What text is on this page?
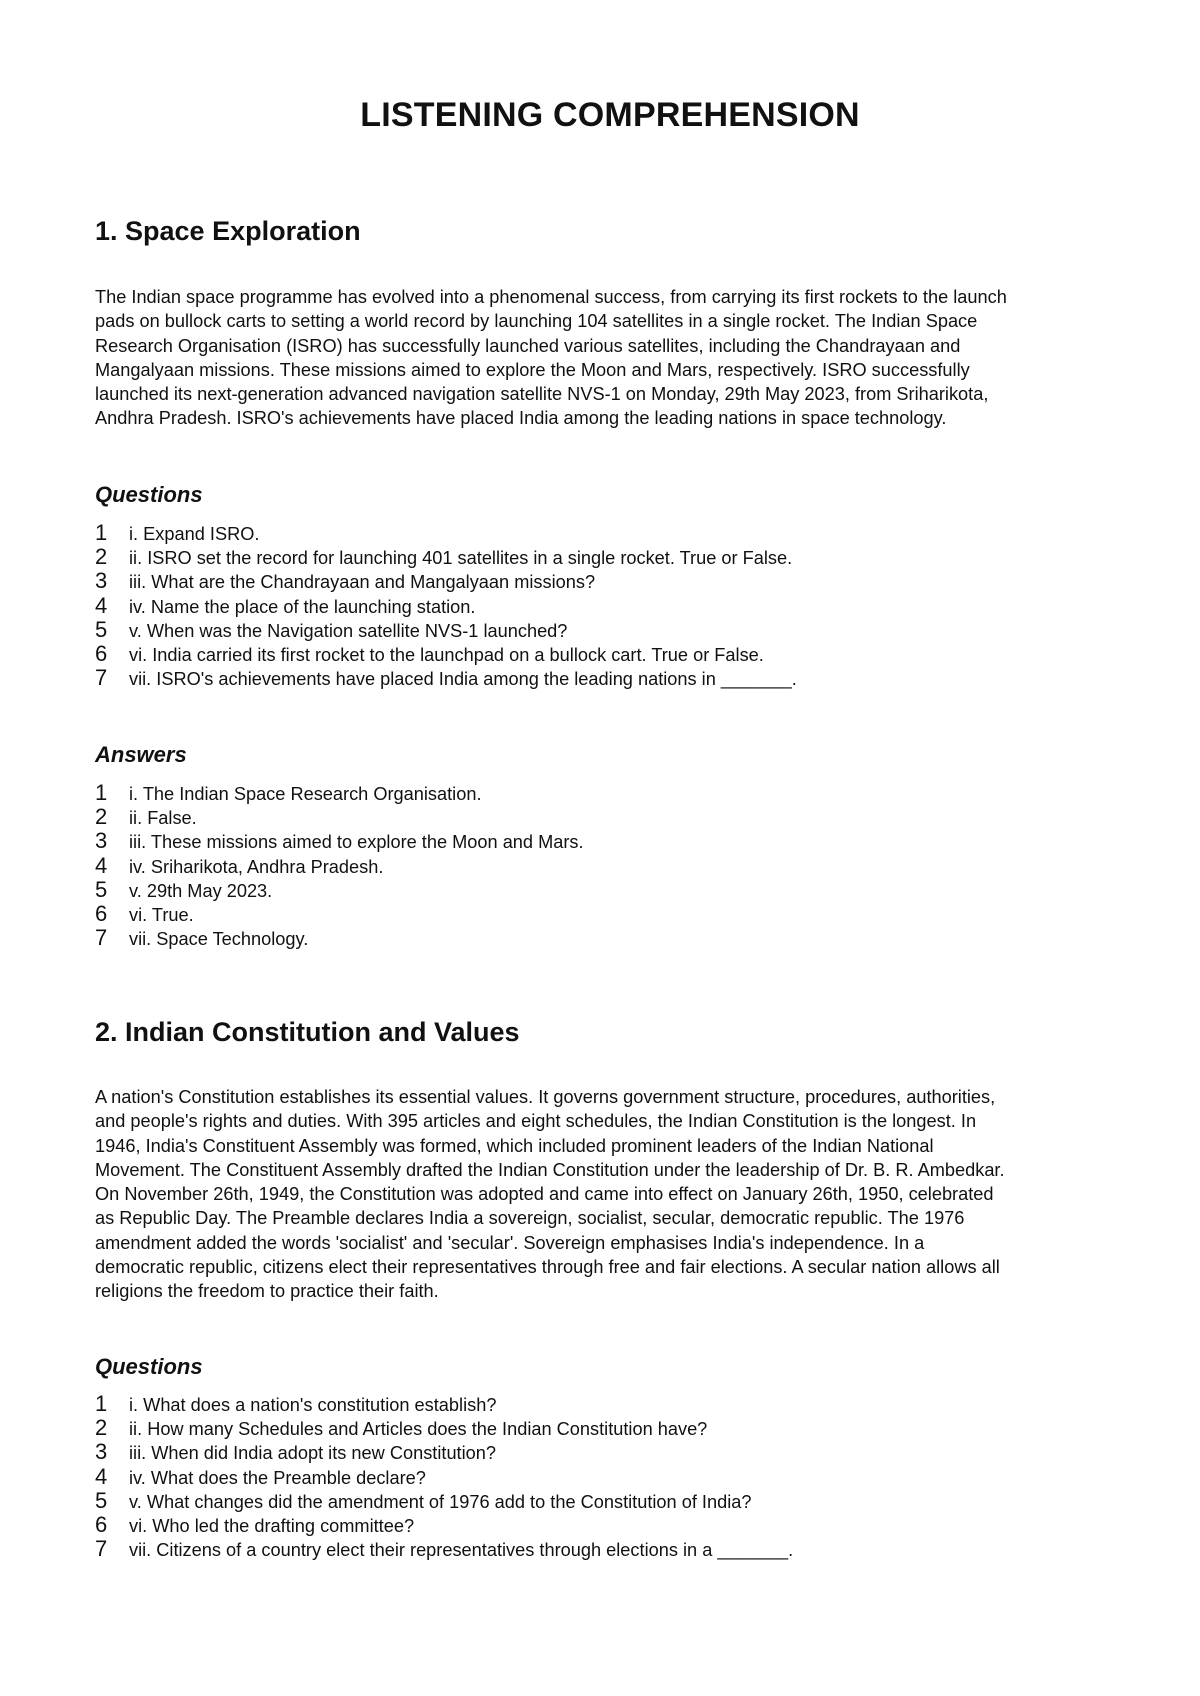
LISTENING COMPREHENSION
1. Space Exploration
The Indian space programme has evolved into a phenomenal success, from carrying its first rockets to the launch
pads on bullock carts to setting a world record by launching 104 satellites in a single rocket. The Indian Space
Research Organisation (ISRO) has successfully launched various satellites, including the Chandrayaan and
Mangalyaan missions. These missions aimed to explore the Moon and Mars, respectively. ISRO successfully
launched its next-generation advanced navigation satellite NVS-1 on Monday, 29th May 2023, from Sriharikota,
Andhra Pradesh. ISRO's achievements have placed India among the leading nations in space technology.
Questions
1	i. Expand ISRO.
2	ii. ISRO set the record for launching 401 satellites in a single rocket. True or False.
3	iii. What are the Chandrayaan and Mangalyaan missions?
4	iv. Name the place of the launching station.
5	v. When was the Navigation satellite NVS-1 launched?
6	vi. India carried its first rocket to the launchpad on a bullock cart. True or False.
7	vii. ISRO's achievements have placed India among the leading nations in _______.
Answers
1	i. The Indian Space Research Organisation.
2	ii. False.
3	iii. These missions aimed to explore the Moon and Mars.
4	iv. Sriharikota, Andhra Pradesh.
5	v. 29th May 2023.
6	vi. True.
7	vii. Space Technology.
2. Indian Constitution and Values
A nation's Constitution establishes its essential values. It governs government structure, procedures, authorities,
and people's rights and duties. With 395 articles and eight schedules, the Indian Constitution is the longest. In
1946, India's Constituent Assembly was formed, which included prominent leaders of the Indian National
Movement. The Constituent Assembly drafted the Indian Constitution under the leadership of Dr. B. R. Ambedkar.
On November 26th, 1949, the Constitution was adopted and came into effect on January 26th, 1950, celebrated
as Republic Day. The Preamble declares India a sovereign, socialist, secular, democratic republic. The 1976
amendment added the words 'socialist' and 'secular'. Sovereign emphasises India's independence. In a
democratic republic, citizens elect their representatives through free and fair elections. A secular nation allows all
religions the freedom to practice their faith.
Questions
1	i. What does a nation's constitution establish?
2	ii. How many Schedules and Articles does the Indian Constitution have?
3	iii. When did India adopt its new Constitution?
4	iv. What does the Preamble declare?
5	v. What changes did the amendment of 1976 add to the Constitution of India?
6	vi. Who led the drafting committee?
7	vii. Citizens of a country elect their representatives through elections in a _______.
